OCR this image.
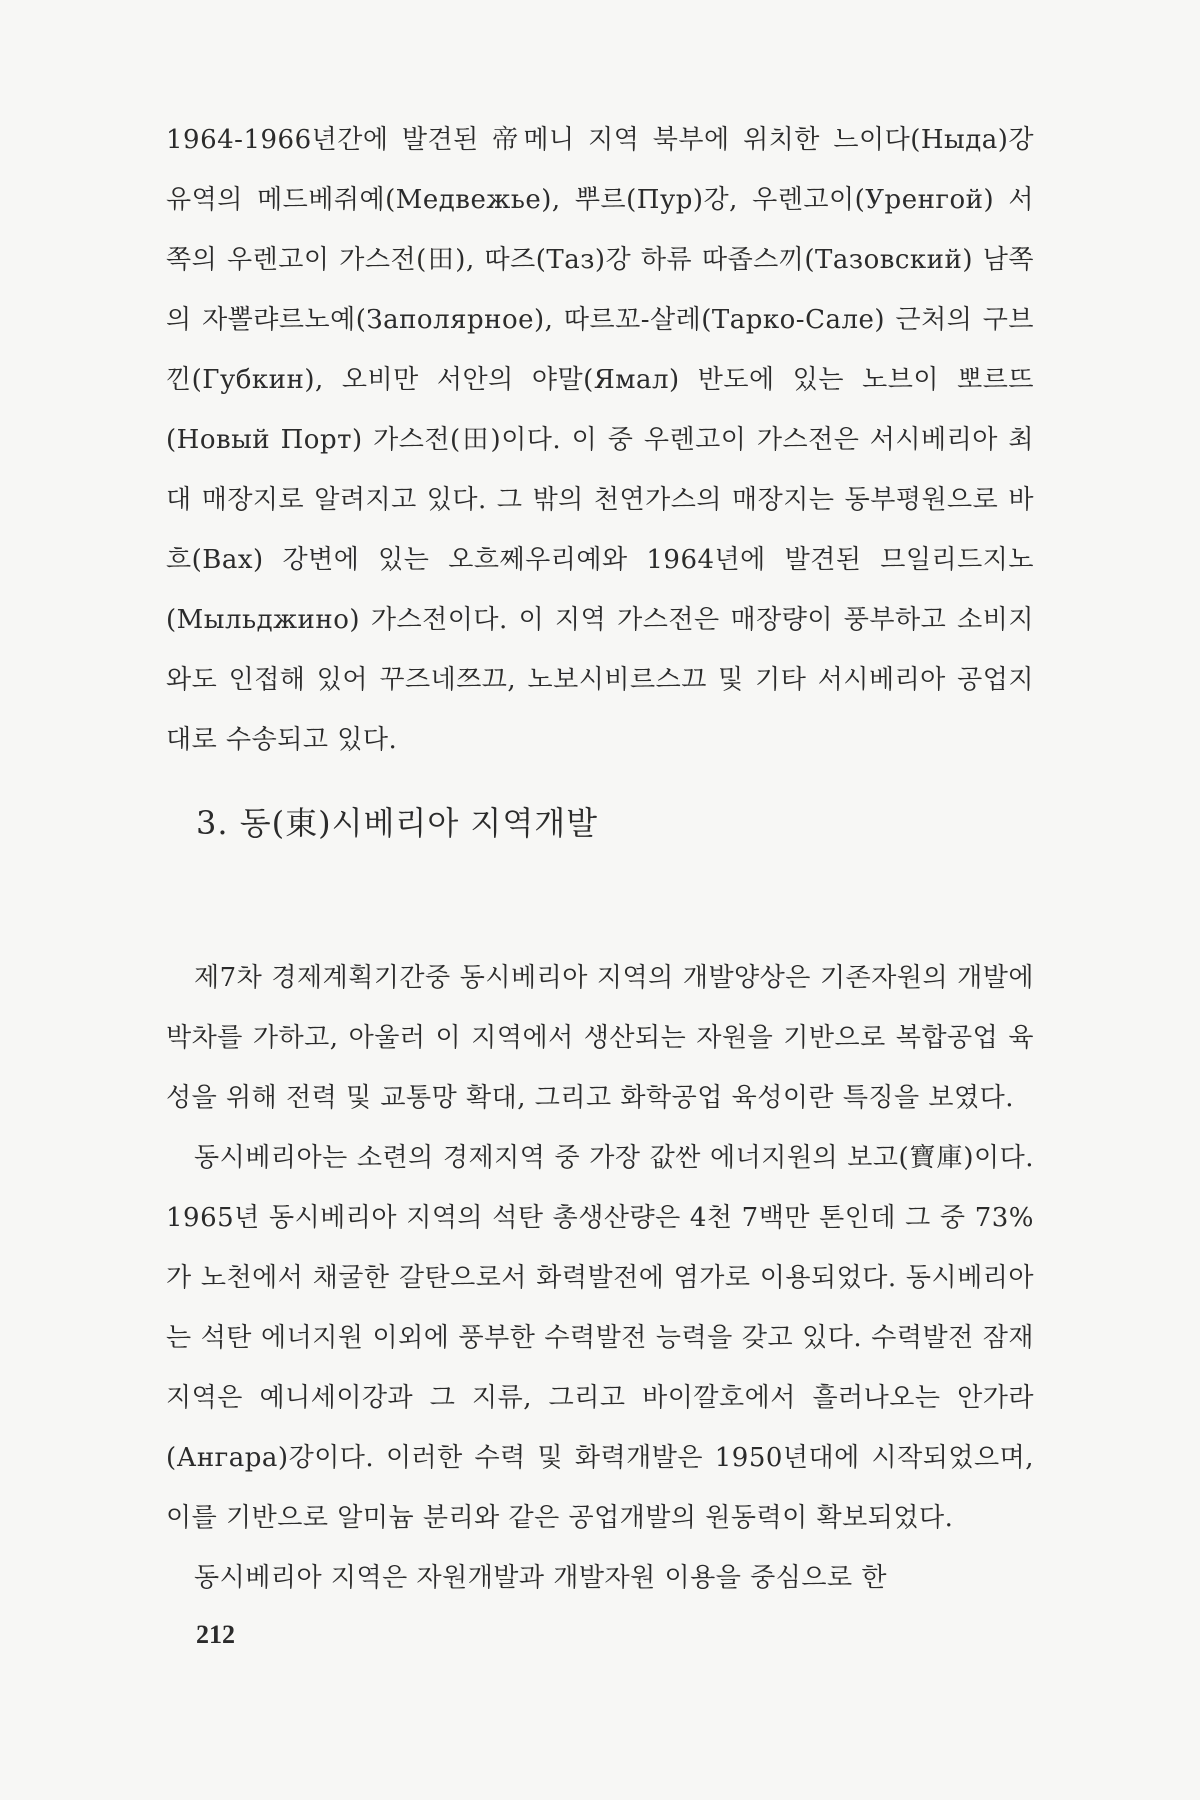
1964-1966년간에 발견된 帝메니 지역 북부에 위치한 느이다(Ныда)강 유역의 메드베쥐예(Медвежье), 뿌르(Пур)강, 우렌고이(Уренгой) 서쪽의 우렌고이 가스전(田), 따즈(Таз)강 하류 따좁스끼(Тазовский) 남쪽의 자뽈랴르노예(Заполярное), 따르꼬-살레(Тарко-Сале) 근처의 구브낀(Губкин), 오비만 서안의 야말(Ямал) 반도에 있는 노브이 뽀르뜨(Новый Порт) 가스전(田)이다. 이 중 우렌고이 가스전은 서시베리아 최대 매장지로 알려지고 있다. 그 밖의 천연가스의 매장지는 동부평원으로 바흐(Вах) 강변에 있는 오흐쩨우리예와 1964년에 발견된 므일리드지노(Мыльджино) 가스전이다. 이 지역 가스전은 매장량이 풍부하고 소비지와도 인접해 있어 꾸즈네쯔끄, 노보시비르스끄 및 기타 서시베리아 공업지대로 수송되고 있다.

3. 동(東)시베리아 지역개발

제7차 경제계획기간중 동시베리아 지역의 개발양상은 기존자원의 개발에 박차를 가하고, 아울러 이 지역에서 생산되는 자원을 기반으로 복합공업 육성을 위해 전력 및 교통망 확대, 그리고 화학공업 육성이란 특징을 보였다.

동시베리아는 소련의 경제지역 중 가장 값싼 에너지원의 보고(寶庫)이다. 1965년 동시베리아 지역의 석탄 총생산량은 4천 7백만 톤인데 그 중 73%가 노천에서 채굴한 갈탄으로서 화력발전에 염가로 이용되었다. 동시베리아는 석탄 에너지원 이외에 풍부한 수력발전 능력을 갖고 있다. 수력발전 잠재지역은 예니세이강과 그 지류, 그리고 바이깔호에서 흘러나오는 안가라(Ангара)강이다. 이러한 수력 및 화력개발은 1950년대에 시작되었으며, 이를 기반으로 알미늄 분리와 같은 공업개발의 원동력이 확보되었다.

동시베리아 지역은 자원개발과 개발자원 이용을 중심으로 한

212
